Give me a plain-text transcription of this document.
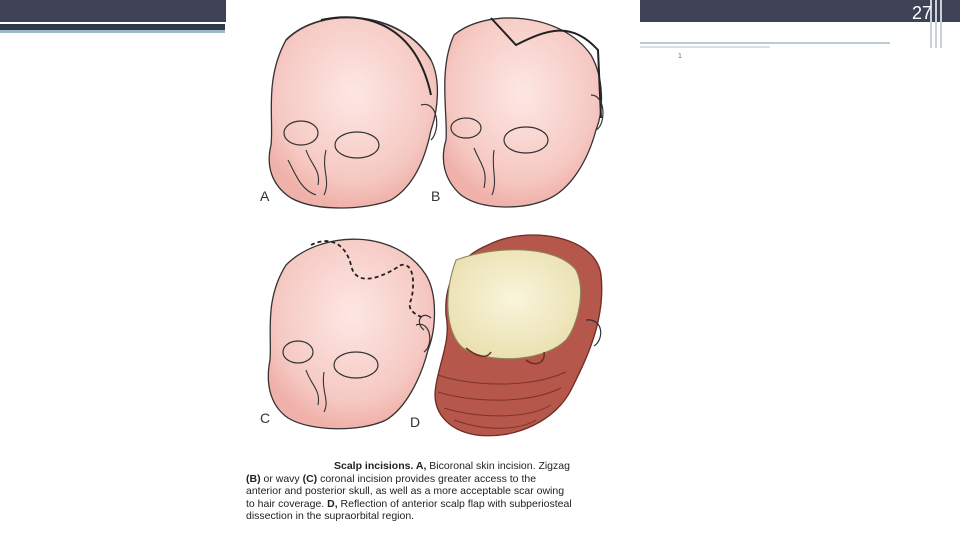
27
1
A	B
C	D
Scalp incisions. A, Bicoronal skin incision. Zigzag
(B) or wavy (C) coronal incision provides greater access to the
anterior and posterior skull, as well as a more acceptable scar owing
to hair coverage. D, Reflection of anterior scalp flap with subperiosteal
dissection in the supraorbital region.
